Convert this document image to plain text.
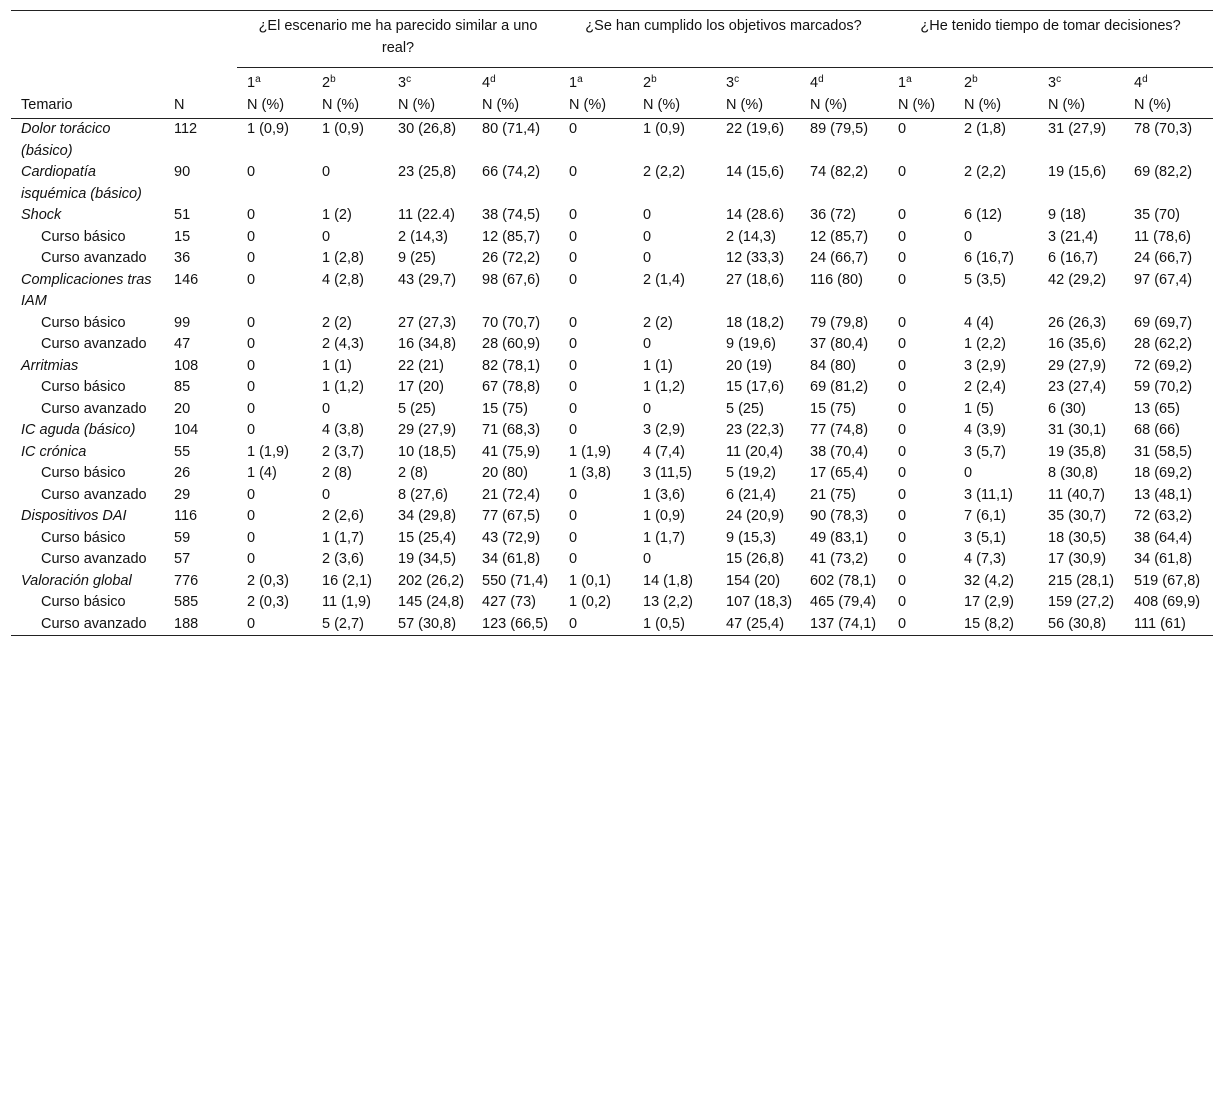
		¿El escenario me ha parecido similar a uno real?				¿Se han cumplido los objetivos marcados?				¿He tenido tiempo de tomar decisiones?			
		1$^a$	2$^b$	3$^c$	4$^d$	1$^a$	2$^b$	3$^c$	4$^d$	1$^a$	2$^b$	3$^c$	4$^d$
Temario	N	N (%)	N (%)	N (%)	N (%)	N (%)	N (%)	N (%)	N (%)	N (%)	N (%)	N (%)	N (%)
Dolor torácico (básico)	112	1 (0,9)	1 (0,9)	30 (26,8)	80 (71,4)	0	1 (0,9)	22 (19,6)	89 (79,5)	0	2 (1,8)	31 (27,9)	78 (70,3)
Cardiopatía isquémica (básico)	90	0	0	23 (25,8)	66 (74,2)	0	2 (2,2)	14 (15,6)	74 (82,2)	0	2 (2,2)	19 (15,6)	69 (82,2)
Shock	51	0	1 (2)	11 (22.4)	38 (74,5)	0	0	14 (28.6)	36 (72)	0	6 (12)	9 (18)	35 (70)
Curso básico	15	0	0	2 (14,3)	12 (85,7)	0	0	2 (14,3)	12 (85,7)	0	0	3 (21,4)	11 (78,6)
Curso avanzado	36	0	1 (2,8)	9 (25)	26 (72,2)	0	0	12 (33,3)	24 (66,7)	0	6 (16,7)	6 (16,7)	24 (66,7)
Complicaciones tras IAM	146	0	4 (2,8)	43 (29,7)	98 (67,6)	0	2 (1,4)	27 (18,6)	116 (80)	0	5 (3,5)	42 (29,2)	97 (67,4)
Curso básico	99	0	2 (2)	27 (27,3)	70 (70,7)	0	2 (2)	18 (18,2)	79 (79,8)	0	4 (4)	26 (26,3)	69 (69,7)
Curso avanzado	47	0	2 (4,3)	16 (34,8)	28 (60,9)	0	0	9 (19,6)	37 (80,4)	0	1 (2,2)	16 (35,6)	28 (62,2)
Arritmias	108	0	1 (1)	22 (21)	82 (78,1)	0	1 (1)	20 (19)	84 (80)	0	3 (2,9)	29 (27,9)	72 (69,2)
Curso básico	85	0	1 (1,2)	17 (20)	67 (78,8)	0	1 (1,2)	15 (17,6)	69 (81,2)	0	2 (2,4)	23 (27,4)	59 (70,2)
Curso avanzado	20	0	0	5 (25)	15 (75)	0	0	5 (25)	15 (75)	0	1 (5)	6 (30)	13 (65)
IC aguda (básico)	104	0	4 (3,8)	29 (27,9)	71 (68,3)	0	3 (2,9)	23 (22,3)	77 (74,8)	0	4 (3,9)	31 (30,1)	68 (66)
IC crónica	55	1 (1,9)	2 (3,7)	10 (18,5)	41 (75,9)	1 (1,9)	4 (7,4)	11 (20,4)	38 (70,4)	0	3 (5,7)	19 (35,8)	31 (58,5)
Curso básico	26	1 (4)	2 (8)	2 (8)	20 (80)	1 (3,8)	3 (11,5)	5 (19,2)	17 (65,4)	0	0	8 (30,8)	18 (69,2)
Curso avanzado	29	0	0	8 (27,6)	21 (72,4)	0	1 (3,6)	6 (21,4)	21 (75)	0	3 (11,1)	11 (40,7)	13 (48,1)
Dispositivos DAI	116	0	2 (2,6)	34 (29,8)	77 (67,5)	0	1 (0,9)	24 (20,9)	90 (78,3)	0	7 (6,1)	35 (30,7)	72 (63,2)
Curso básico	59	0	1 (1,7)	15 (25,4)	43 (72,9)	0	1 (1,7)	9 (15,3)	49 (83,1)	0	3 (5,1)	18 (30,5)	38 (64,4)
Curso avanzado	57	0	2 (3,6)	19 (34,5)	34 (61,8)	0	0	15 (26,8)	41 (73,2)	0	4 (7,3)	17 (30,9)	34 (61,8)
Valoración global	776	2 (0,3)	16 (2,1)	202 (26,2)	550 (71,4)	1 (0,1)	14 (1,8)	154 (20)	602 (78,1)	0	32 (4,2)	215 (28,1)	519 (67,8)
Curso básico	585	2 (0,3)	11 (1,9)	145 (24,8)	427 (73)	1 (0,2)	13 (2,2)	107 (18,3)	465 (79,4)	0	17 (2,9)	159 (27,2)	408 (69,9)
Curso avanzado	188	0	5 (2,7)	57 (30,8)	123 (66,5)	0	1 (0,5)	47 (25,4)	137 (74,1)	0	15 (8,2)	56 (30,8)	111 (61)
